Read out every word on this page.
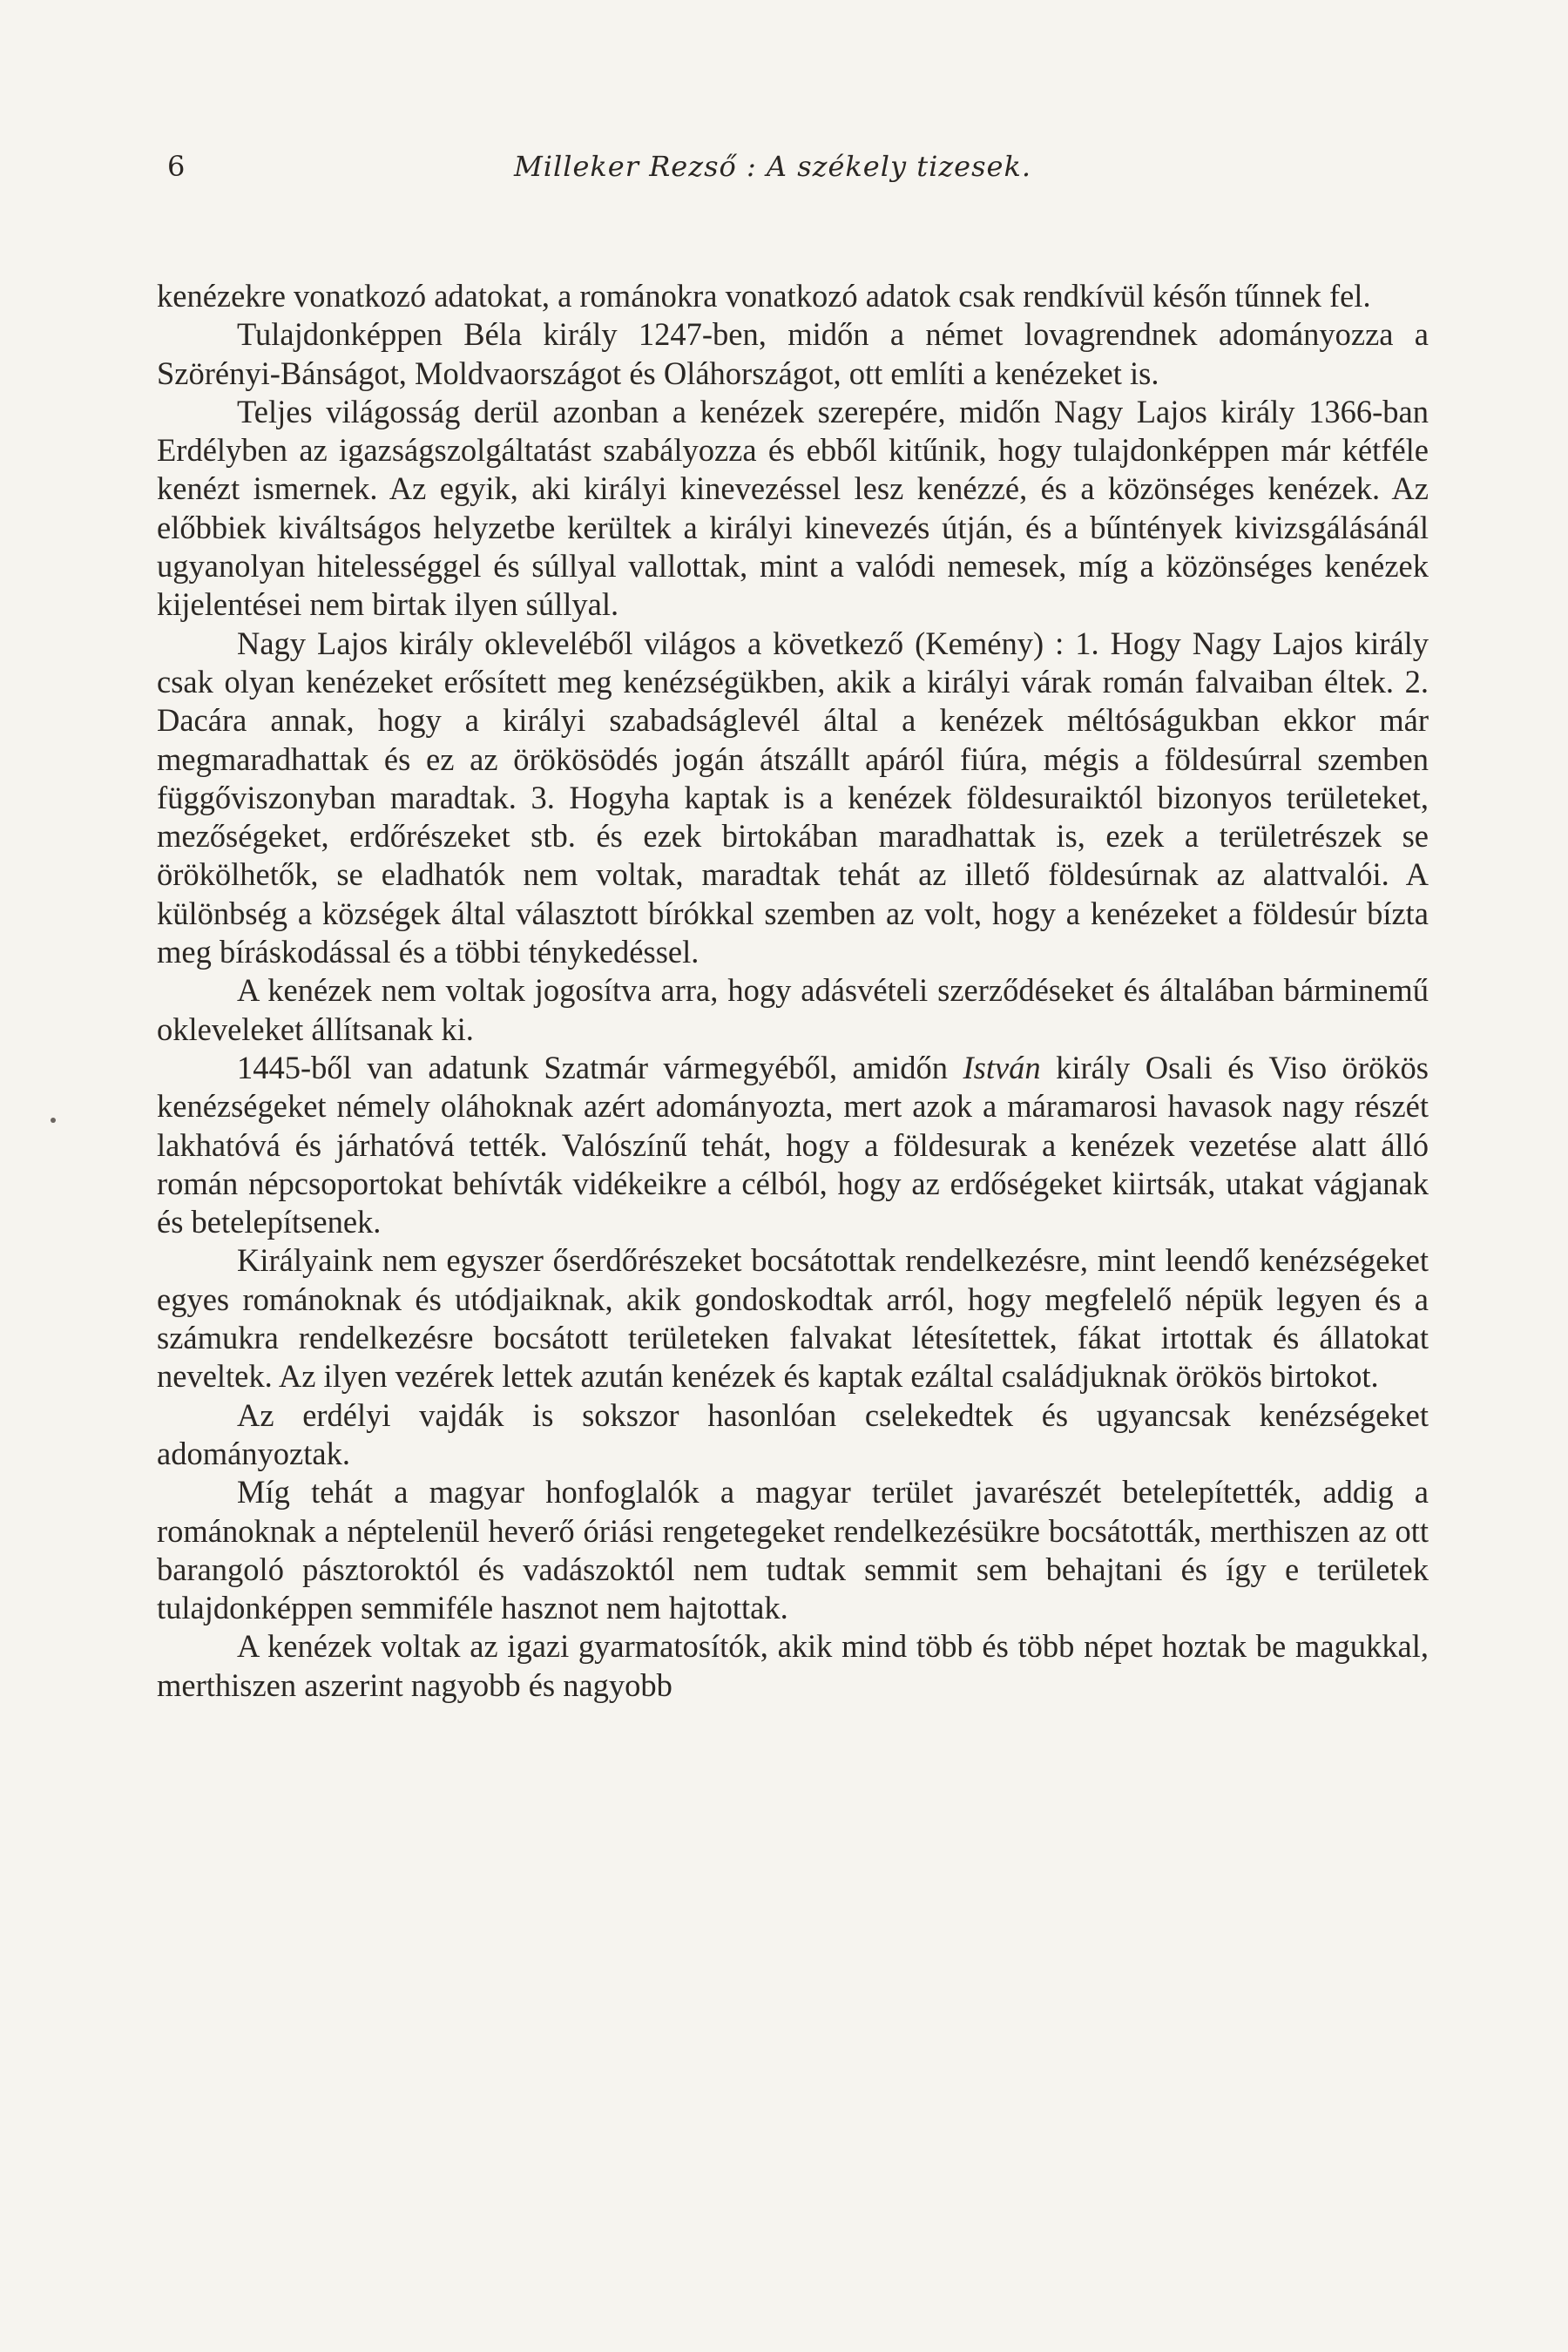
6	Milleker Rezső : A székely tizesek.

kenézekre vonatkozó adatokat, a románokra vonatkozó adatok csak rendkívül későn tűnnek fel.

Tulajdonképpen Béla király 1247-ben, midőn a német lovagrendnek adományozza a Szörényi-Bánságot, Moldvaországot és Oláhországot, ott említi a kenézeket is.

Teljes világosság derül azonban a kenézek szerepére, midőn Nagy Lajos király 1366-ban Erdélyben az igazságszolgáltatást szabályozza és ebből kitűnik, hogy tulajdonképpen már kétféle kenézt ismernek. Az egyik, aki királyi kinevezéssel lesz kenézzé, és a közönséges kenézek. Az előbbiek kiváltságos helyzetbe kerültek a királyi kinevezés útján, és a bűntények kivizsgálásánál ugyanolyan hitelességgel és súllyal vallottak, mint a valódi nemesek, míg a közönséges kenézek kijelentései nem birtak ilyen súllyal.

Nagy Lajos király okleveléből világos a következő (Kemény) : 1. Hogy Nagy Lajos király csak olyan kenézeket erősített meg kenézségükben, akik a királyi várak román falvaiban éltek. 2. Dacára annak, hogy a királyi szabadságlevél által a kenézek méltóságukban ekkor már megmaradhattak és ez az örökösödés jogán átszállt apáról fiúra, mégis a földesúrral szemben függőviszonyban maradtak. 3. Hogyha kaptak is a kenézek földesuraiktól bizonyos területeket, mezőségeket, erdőrészeket stb. és ezek birtokában maradhattak is, ezek a területrészek se örökölhetők, se eladhatók nem voltak, maradtak tehát az illető földesúrnak az alattvalói. A különbség a községek által választott bírókkal szemben az volt, hogy a kenézeket a földesúr bízta meg bíráskodással és a többi ténykedéssel.

A kenézek nem voltak jogosítva arra, hogy adásvételi szerződéseket és általában bárminemű okleveleket állítsanak ki.

1445-ből van adatunk Szatmár vármegyéből, amidőn István király Osali és Viso örökös kenézségeket némely oláhoknak azért adományozta, mert azok a máramarosi havasok nagy részét lakhatóvá és járhatóvá tették. Valószínű tehát, hogy a földesurak a kenézek vezetése alatt álló román népcsoportokat behívták vidékeikre a célból, hogy az erdőségeket kiirtsák, utakat vágjanak és betelepítsenek.

Királyaink nem egyszer őserdőrészeket bocsátottak rendelkezésre, mint leendő kenézségeket egyes románoknak és utódjaiknak, akik gondoskodtak arról, hogy megfelelő népük legyen és a számukra rendelkezésre bocsátott területeken falvakat létesítettek, fákat irtottak és állatokat neveltek. Az ilyen vezérek lettek azután kenézek és kaptak ezáltal családjuknak örökös birtokot.

Az erdélyi vajdák is sokszor hasonlóan cselekedtek és ugyancsak kenézségeket adományoztak.

Míg tehát a magyar honfoglalók a magyar terület javarészét betelepítették, addig a románoknak a néptelenül heverő óriási rengetegeket rendelkezésükre bocsátották, merthiszen az ott barangoló pásztoroktól és vadászoktól nem tudtak semmit sem behajtani és így e területek tulajdonképpen semmiféle hasznot nem hajtottak.

A kenézek voltak az igazi gyarmatosítók, akik mind több és több népet hoztak be magukkal, merthiszen aszerint nagyobb és nagyobb
